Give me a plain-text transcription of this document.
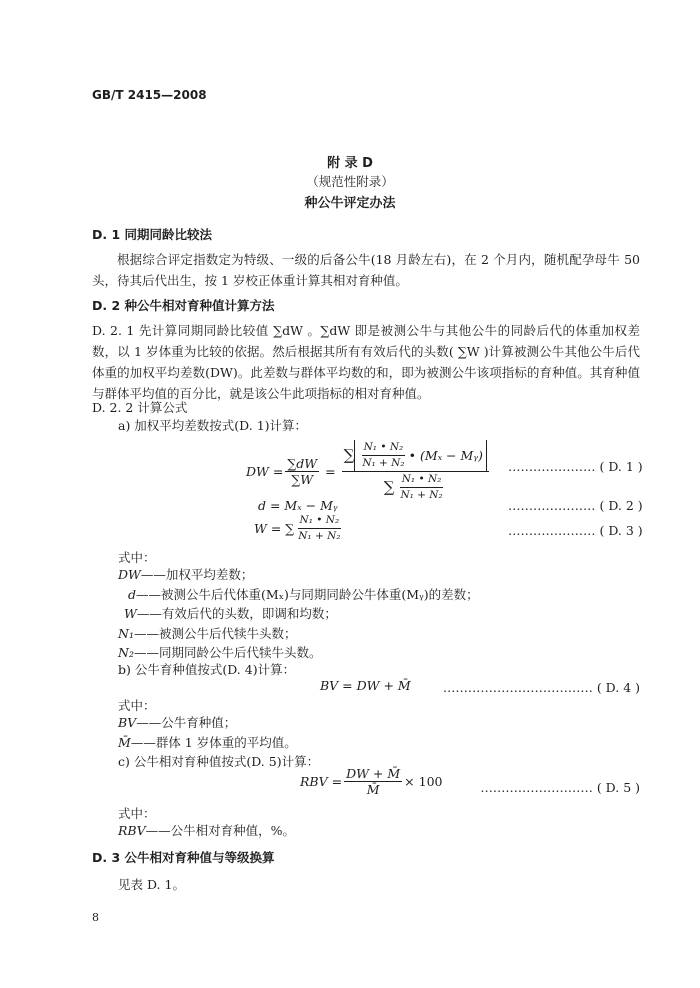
GB/T 2415—2008
附 录 D
（规范性附录）
种公牛评定办法
D. 1 同期同龄比较法
根据综合评定指数定为特级、一级的后备公牛(18 月龄左右)，在 2 个月内，随机配孕母牛 50 头，待其后代出生，按 1 岁校正体重计算其相对育种值。
D. 2 种公牛相对育种值计算方法
D. 2. 1 先计算同期同龄比较值 ∑dW 。∑dW 即是被测公牛与其他公牛的同龄后代的体重加权差数，以 1 岁体重为比较的依据。然后根据其所有有效后代的头数( ∑W )计算被测公牛其他公牛后代体重的加权平均差数(DW)。此差数与群体平均数的和，即为被测公牛该项指标的育种值。其育种值与群体平均值的百分比，就是该公牛此项指标的相对育种值。
D. 2. 2 计算公式
a) 加权平均差数按式(D. 1)计算：
DW = $\frac{\sum dW}{\sum W}$ =
∑ $\frac{\text{N₁ • N₂}}{\text{N₁ + N₂}}$ • (Mₓ − Mᵧ)
∑ $\frac{\text{N₁ • N₂}}{\text{N₁ + N₂}}$
………………… ( D. 1 )
d = Mₓ − Mᵧ	………………… ( D. 2 )
W = ∑ $\frac{\text{N₁ • N₂}}{\text{N₁ + N₂}}$	………………… ( D. 3 )
式中：
DW——加权平均差数；
d——被测公牛后代体重(Mₓ)与同期同龄公牛体重(Mᵧ)的差数；
W——有效后代的头数，即调和均数；
N₁——被测公牛后代犊牛头数；
N₂——同期同龄公牛后代犊牛头数。
b) 公牛育种值按式(D. 4)计算：
BV = DW + M̄	……………………………… ( D. 4 )
式中：
BV——公牛育种值；
M̄——群体 1 岁体重的平均值。
c) 公牛相对育种值按式(D. 5)计算：
RBV = $\frac{DW + M̄}{M̄} \times 100$	……………………… ( D. 5 )
式中：
RBV——公牛相对育种值，%。
D. 3 公牛相对育种值与等级换算
见表 D. 1。
8
